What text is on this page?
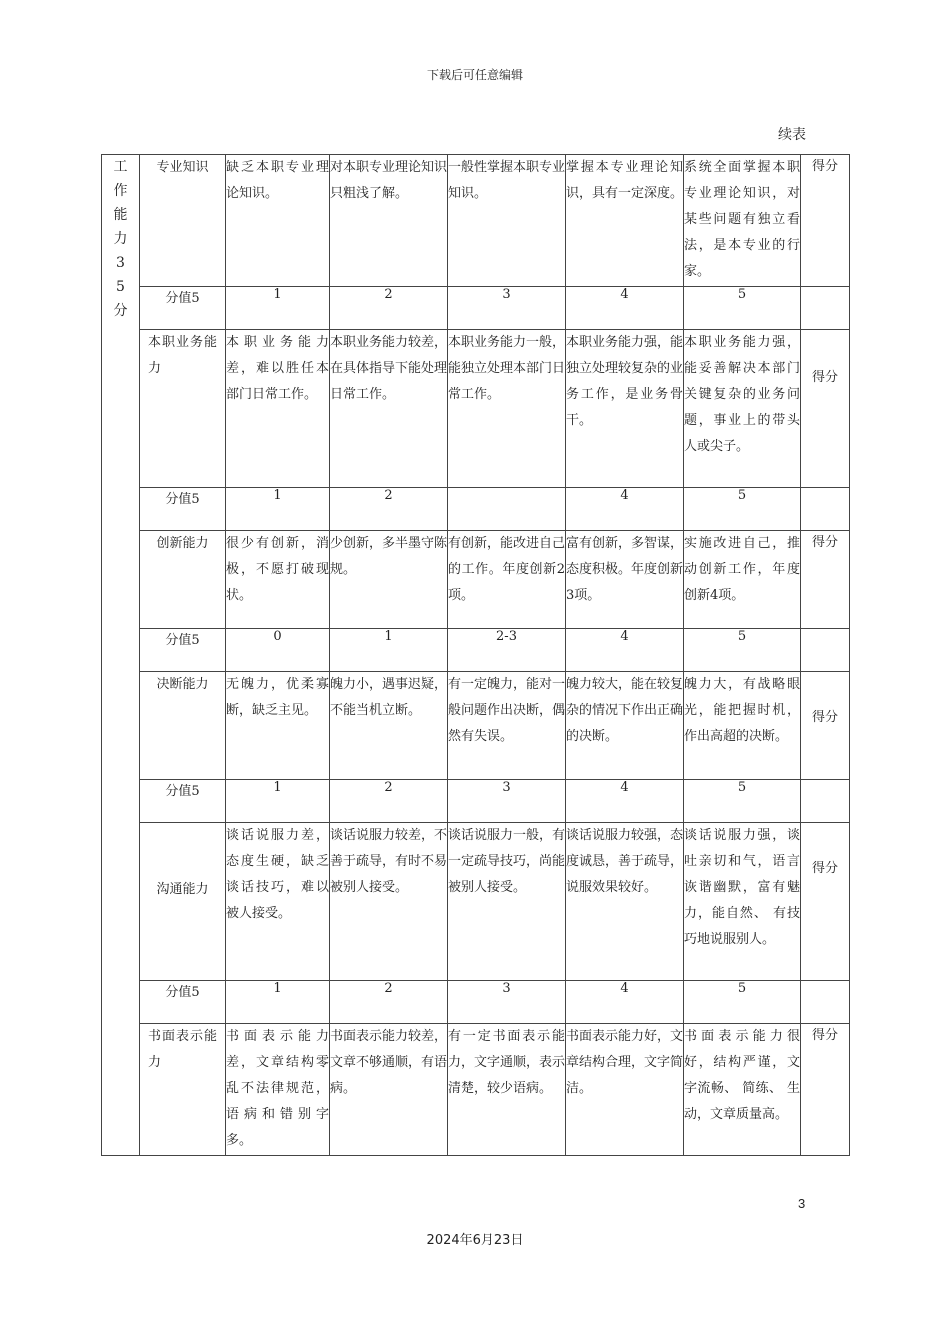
下载后可任意编辑
续表
工作能力35分	专业知识	缺乏本职专业理论知识。	对本职专业理论知识只粗浅了解。	一般性掌握本职专业知识。	掌握本专业理论知识，具有一定深度。	系统全面掌握本职专业理论知识，对某些问题有独立看法，是本专业的行家。	得分
	分值5	1	2	3	4	5	
	本职业务能力	本职业务能力差，难以胜任本部门日常工作。	本职业务能力较差，在具体指导下能处理日常工作。	本职业务能力一般，能独立处理本部门日常工作。	本职业务能力强，能独立处理较复杂的业务工作，是业务骨干。	本职业务能力强，能妥善解决本部门关键复杂的业务问题，事业上的带头人或尖子。	得分
	分值5	1	2		4	5	
	创新能力	很少有创新，消极，不愿打破现状。	少创新，多半墨守陈规。	有创新，能改进自己的工作。年度创新2项。	富有创新，多智谋，态度积极。年度创新3项。	实施改进自己，推动创新工作，年度创新4项。	得分
	分值5	0	1	2-3	4	5	
	决断能力	无魄力，优柔寡断，缺乏主见。	魄力小，遇事迟疑，不能当机立断。	有一定魄力，能对一般问题作出决断，偶然有失误。	魄力较大，能在较复杂的情况下作出正确的决断。	魄力大，有战略眼光，能把握时机，作出高超的决断。	得分
	分值5	1	2	3	4	5	
	沟通能力	谈话说服力差，态度生硬，缺乏谈话技巧，难以被人接受。	谈话说服力较差，不善于疏导，有时不易被别人接受。	谈话说服力一般，有一定疏导技巧，尚能被别人接受。	谈话说服力较强，态度诚恳，善于疏导，说服效果较好。	谈话说服力强，谈吐亲切和气，语言诙谐幽默，富有魅力，能自然、 有技巧地说服别人。	得分
	分值5	1	2	3	4	5	
	书面表示能力	书面表示能力差，文章结构零乱不法律规范，语病和错别字多。	书面表示能力较差，文章不够通顺，有语病。	有一定书面表示能力，文字通顺，表示清楚，较少语病。	书面表示能力好，文章结构合理，文字简洁。	书面表示能力很好，结构严谨，文字流畅、 简练、 生动，文章质量高。	得分
3
2024年6月23日
